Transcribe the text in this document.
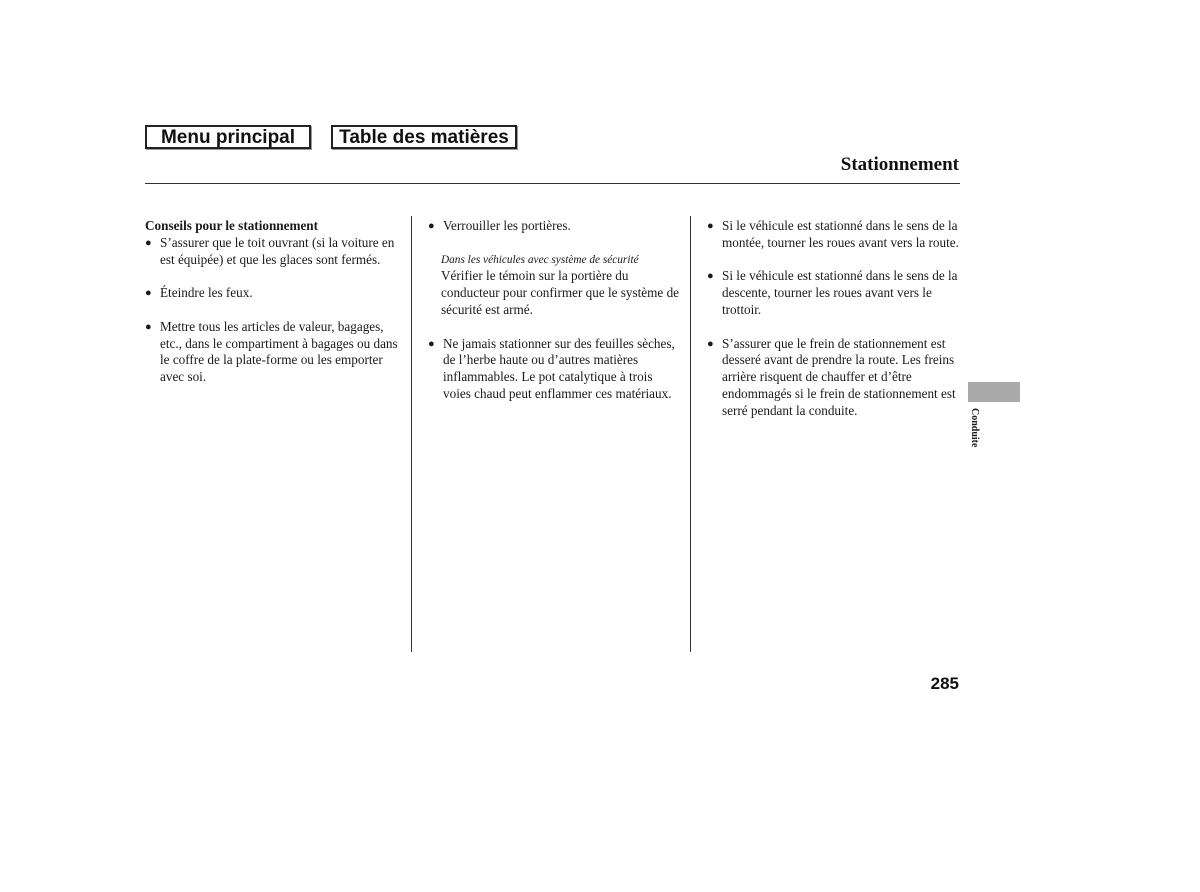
Menu principal	Table des matières
Stationnement

Conseils pour le stationnement

● S’assurer que le toit ouvrant (si la voiture en est équipée) et que les glaces sont fermés.
● Éteindre les feux.
● Mettre tous les articles de valeur, bagages, etc., dans le compartiment à bagages ou dans le coffre de la plate-forme ou les emporter avec soi.
● Verrouiller les portières.

Dans les véhicules avec système de sécurité

Vérifier le témoin sur la portière du conducteur pour confirmer que le système de sécurité est armé.

● Ne jamais stationner sur des feuilles sèches, de l’herbe haute ou d’autres matières inflammables. Le pot catalytique à trois voies chaud peut enflammer ces matériaux.
● Si le véhicule est stationné dans le sens de la montée, tourner les roues avant vers la route.
● Si le véhicule est stationné dans le sens de la descente, tourner les roues avant vers le trottoir.
● S’assurer que le frein de stationnement est desseré avant de prendre la route. Les freins arrière risquent de chauffer et d’être endommagés si le frein de stationnement est serré pendant la conduite.	Conduite
285
